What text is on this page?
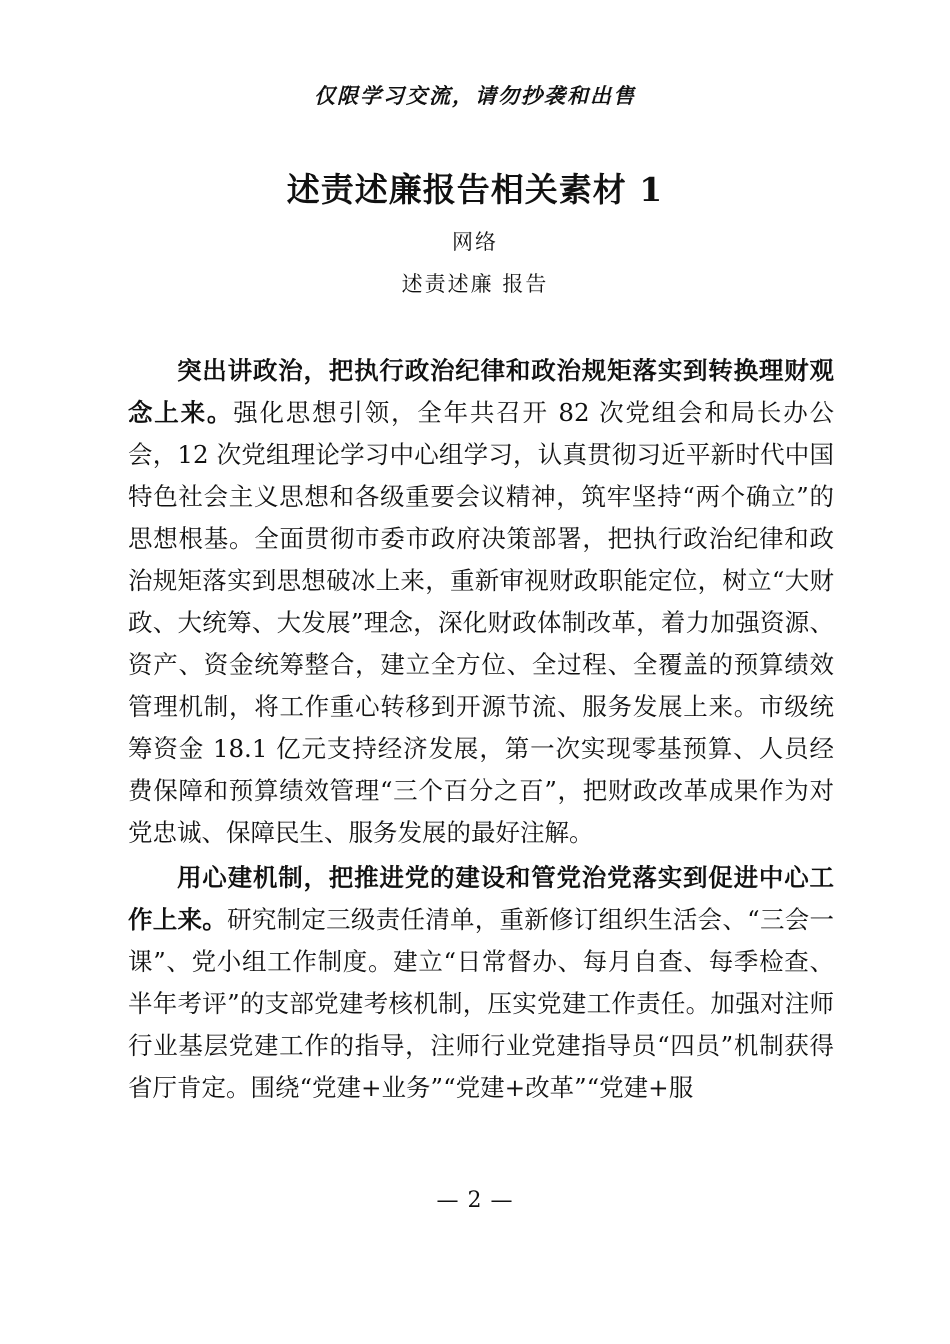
仅限学习交流，请勿抄袭和出售
述责述廉报告相关素材 1
网络
述责述廉 报告

突出讲政治，把执行政治纪律和政治规矩落实到转换理财观念上来。强化思想引领，全年共召开 82 次党组会和局长办公会，12 次党组理论学习中心组学习，认真贯彻习近平新时代中国特色社会主义思想和各级重要会议精神，筑牢坚持“两个确立”的思想根基。全面贯彻市委市政府决策部署，把执行政治纪律和政治规矩落实到思想破冰上来，重新审视财政职能定位，树立“大财政、大统筹、大发展”理念，深化财政体制改革，着力加强资源、资产、资金统筹整合，建立全方位、全过程、全覆盖的预算绩效管理机制，将工作重心转移到开源节流、服务发展上来。市级统筹资金 18.1 亿元支持经济发展，第一次实现零基预算、人员经费保障和预算绩效管理“三个百分之百”，把财政改革成果作为对党忠诚、保障民生、服务发展的最好注解。

用心建机制，把推进党的建设和管党治党落实到促进中心工作上来。研究制定三级责任清单，重新修订组织生活会、“三会一课”、党小组工作制度。建立“日常督办、每月自查、每季检查、半年考评”的支部党建考核机制，压实党建工作责任。加强对注师行业基层党建工作的指导，注师行业党建指导员“四员”机制获得省厅肯定。围绕“党建+业务”“党建+改革”“党建+服

— 2 —
